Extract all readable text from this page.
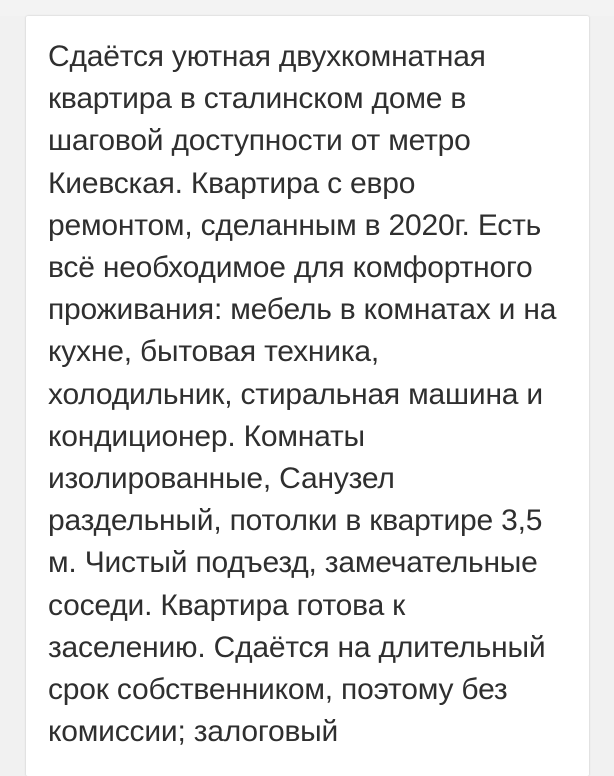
Сдаётся уютная двухкомнатная квартира в сталинском доме в шаговой доступности от метро Киевская. Квартира с евро ремонтом, сделанным в 2020г. Есть всё необходимое для комфортного проживания: мебель в комнатах и на кухне, бытовая техника, холодильник, стиральная машина и кондиционер. Комнаты изолированные, Санузел раздельный, потолки в квартире 3,5 м. Чистый подъезд, замечательные соседи. Квартира готова к заселению. Сдаётся на длительный срок собственником, поэтому без комиссии; залоговый
